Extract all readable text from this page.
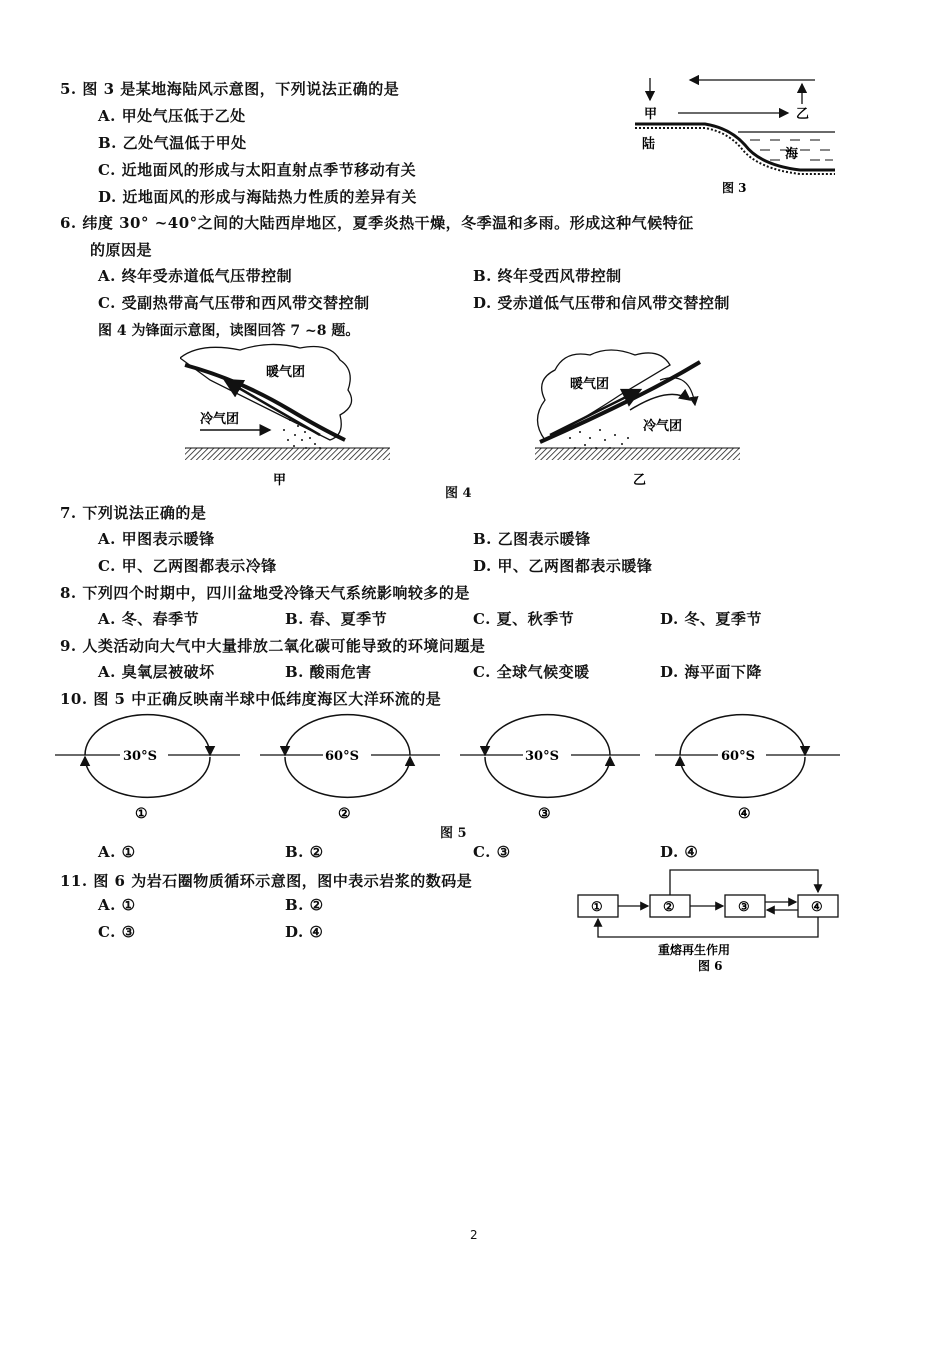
5. 图 3 是某地海陆风示意图，下列说法正确的是
A. 甲处气压低于乙处
B. 乙处气温低于甲处
C. 近地面风的形成与太阳直射点季节移动有关
D. 近地面风的形成与海陆热力性质的差异有关
甲	乙
陆
海
图 3
6. 纬度 30° ~40°之间的大陆西岸地区，夏季炎热干燥，冬季温和多雨。形成这种气候特征
的原因是
A. 终年受赤道低气压带控制	B. 终年受西风带控制
C. 受副热带高气压带和西风带交替控制	D. 受赤道低气压带和信风带交替控制
图 4 为锋面示意图，读图回答 7 ~8 题。
暖气团
冷气团
甲
暖气团
冷气团
乙
图 4
7. 下列说法正确的是
A. 甲图表示暖锋	B. 乙图表示暖锋
C. 甲、乙两图都表示冷锋	D. 甲、乙两图都表示暖锋
8. 下列四个时期中，四川盆地受冷锋天气系统影响较多的是
A. 冬、春季节	B. 春、夏季节	C. 夏、秋季节	D. 冬、夏季节
9. 人类活动向大气中大量排放二氧化碳可能导致的环境问题是
A. 臭氧层被破坏	B. 酸雨危害	C. 全球气候变暖	D. 海平面下降
10. 图 5 中正确反映南半球中低纬度海区大洋环流的是
30°S
①
60°S
②
30°S
③
60°S
④
图 5
A. ①	B. ②	C. ③	D. ④
11. 图 6 为岩石圈物质循环示意图，图中表示岩浆的数码是
A. ①	B. ②
C. ③	D. ④
①	②	③	④
重熔再生作用
图 6
2
